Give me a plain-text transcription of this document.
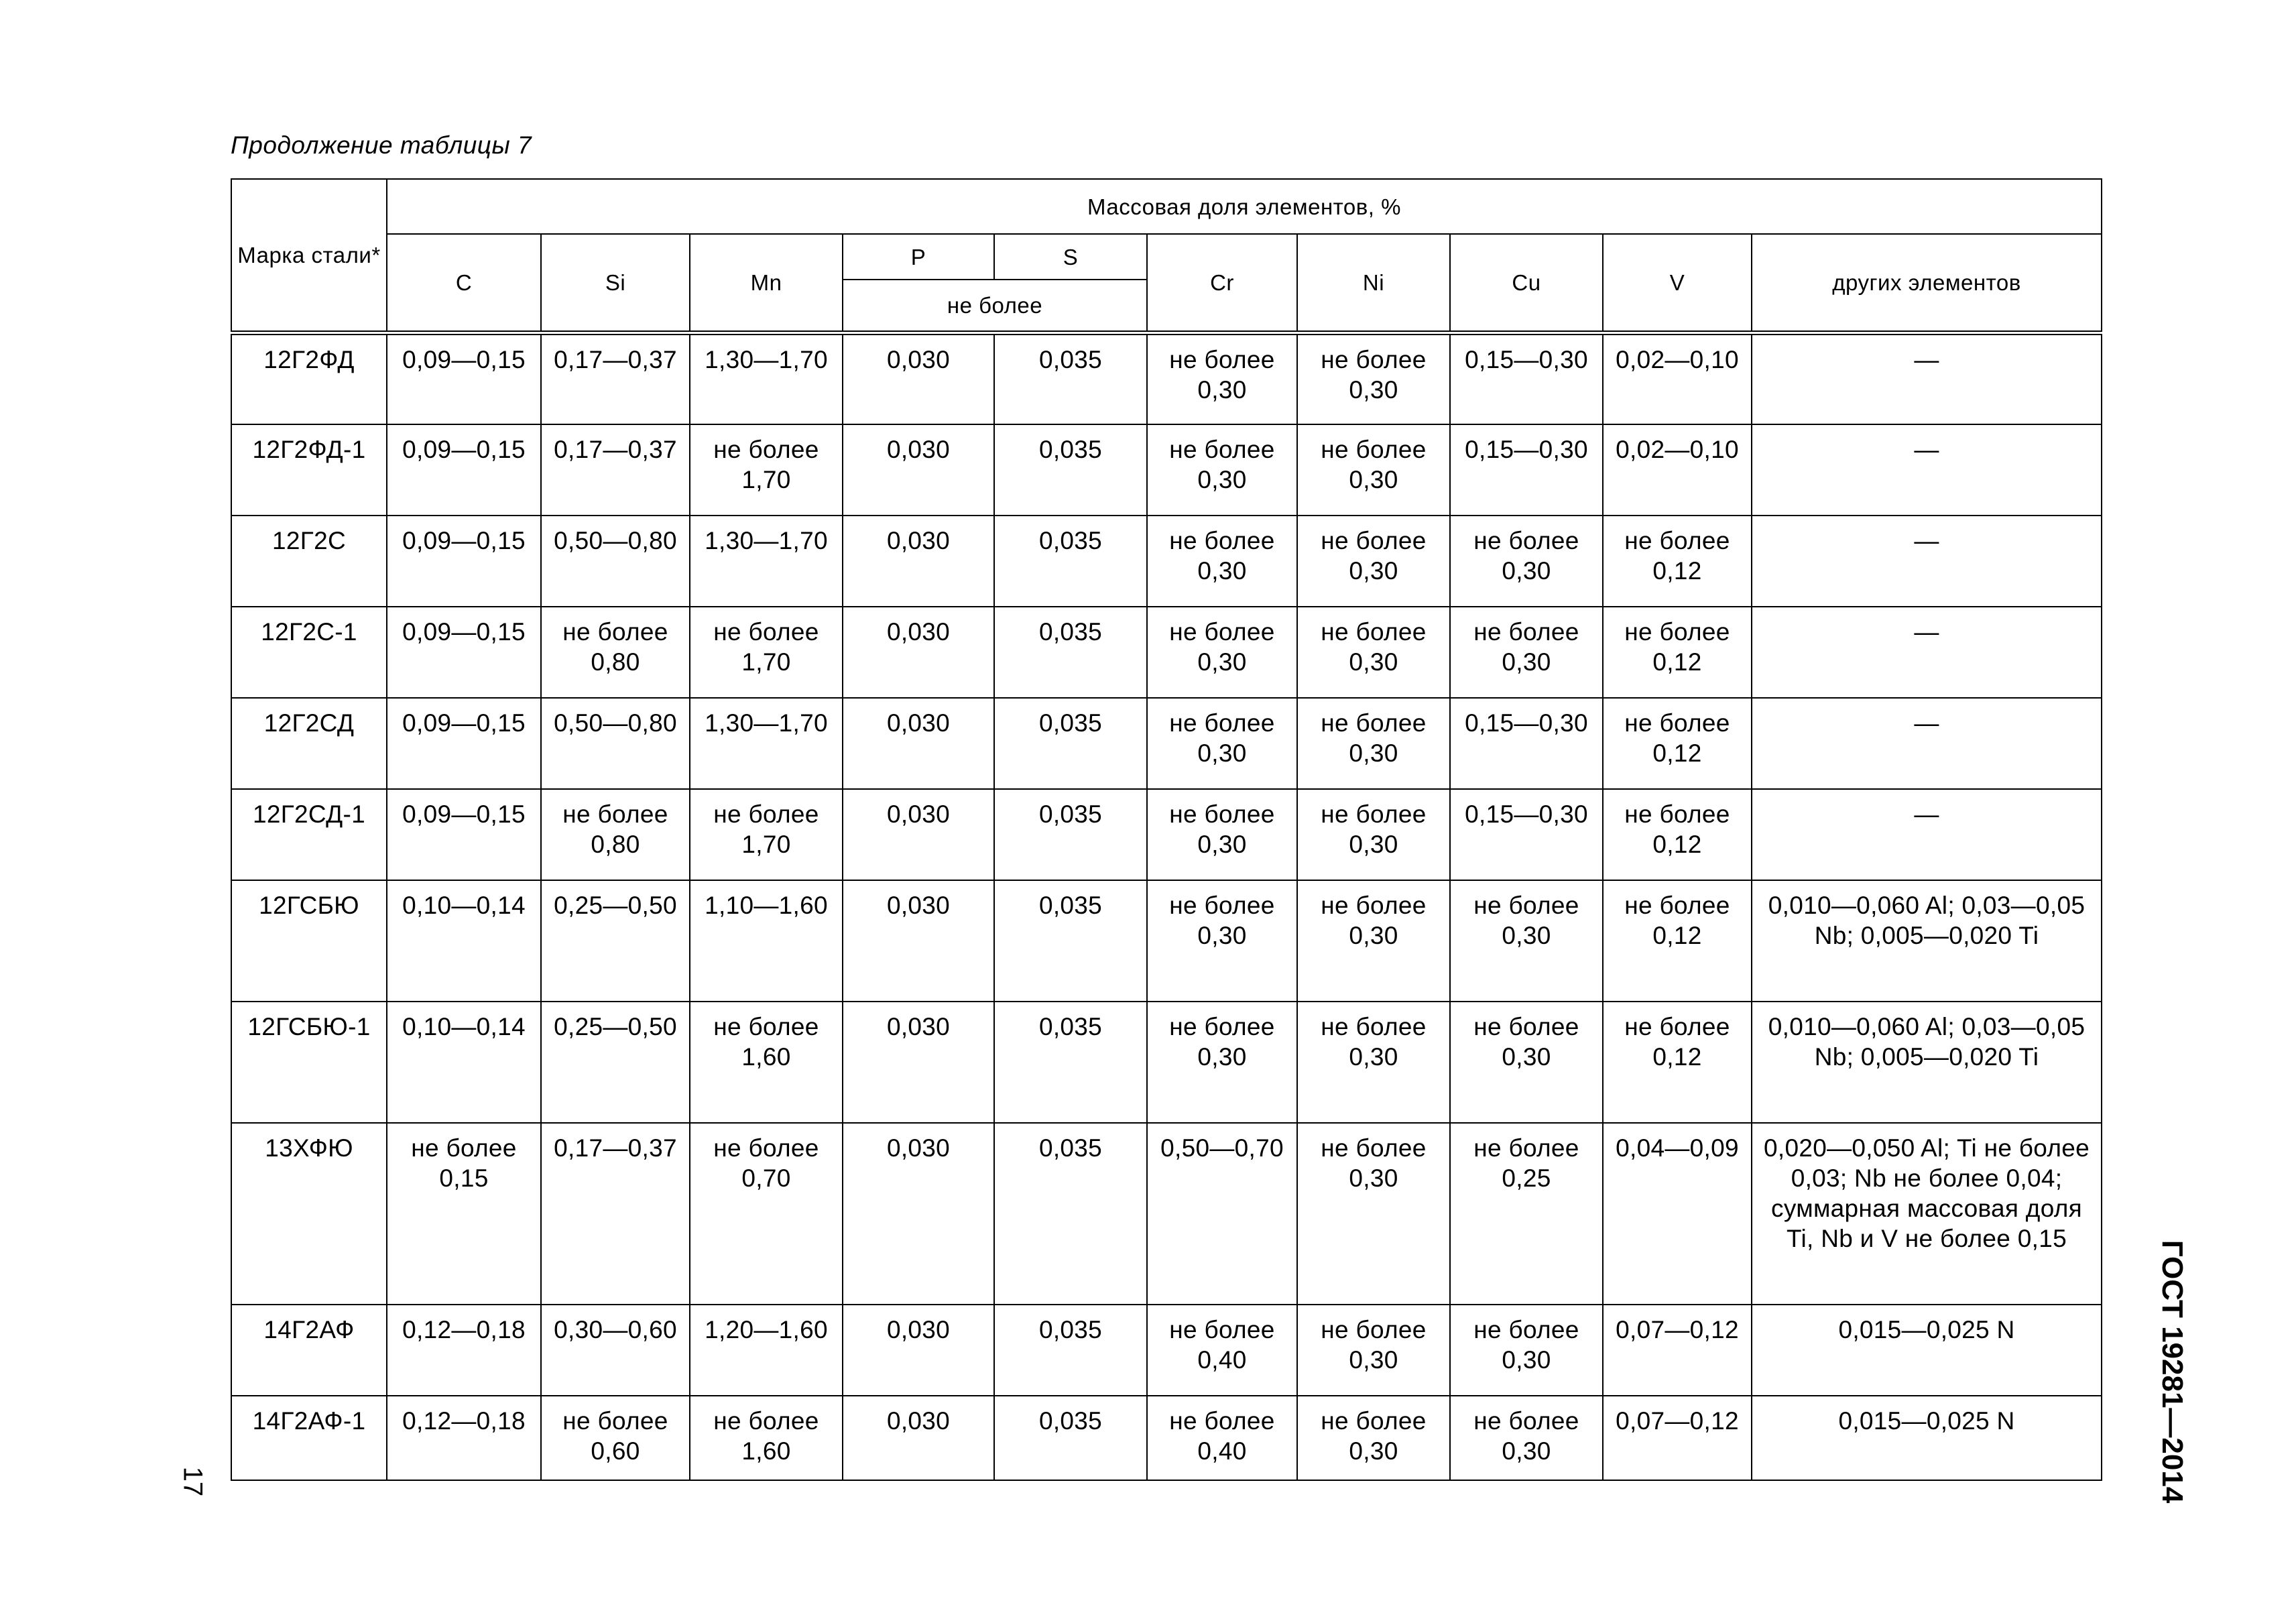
Продолжение таблицы 7
Марка стали*	Массовая доля элементов, %									
	C	Si	Mn	P	S	Cr	Ni	Cu	V	других элементов
				не более						
12Г2ФД	0,09—0,15	0,17—0,37	1,30—1,70	0,030	0,035	не более 0,30	не более 0,30	0,15—0,30	0,02—0,10	—
12Г2ФД-1	0,09—0,15	0,17—0,37	не более 1,70	0,030	0,035	не более 0,30	не более 0,30	0,15—0,30	0,02—0,10	—
12Г2С	0,09—0,15	0,50—0,80	1,30—1,70	0,030	0,035	не более 0,30	не более 0,30	не более 0,30	не более 0,12	—
12Г2С-1	0,09—0,15	не более 0,80	не более 1,70	0,030	0,035	не более 0,30	не более 0,30	не более 0,30	не более 0,12	—
12Г2СД	0,09—0,15	0,50—0,80	1,30—1,70	0,030	0,035	не более 0,30	не более 0,30	0,15—0,30	не более 0,12	—
12Г2СД-1	0,09—0,15	не более 0,80	не более 1,70	0,030	0,035	не более 0,30	не более 0,30	0,15—0,30	не более 0,12	—
12ГСБЮ	0,10—0,14	0,25—0,50	1,10—1,60	0,030	0,035	не более 0,30	не более 0,30	не более 0,30	не более 0,12	0,010—0,060 Al; 0,03—0,05 Nb; 0,005—0,020 Ti
12ГСБЮ-1	0,10—0,14	0,25—0,50	не более 1,60	0,030	0,035	не более 0,30	не более 0,30	не более 0,30	не более 0,12	0,010—0,060 Al; 0,03—0,05 Nb; 0,005—0,020 Ti
13ХФЮ	не более 0,15	0,17—0,37	не более 0,70	0,030	0,035	0,50—0,70	не более 0,30	не более 0,25	0,04—0,09	0,020—0,050 Al; Ti не более 0,03; Nb не более 0,04; суммарная массовая доля Ti, Nb и V не более 0,15
14Г2АФ	0,12—0,18	0,30—0,60	1,20—1,60	0,030	0,035	не более 0,40	не более 0,30	не более 0,30	0,07—0,12	0,015—0,025 N
14Г2АФ-1	0,12—0,18	не более 0,60	не более 1,60	0,030	0,035	не более 0,40	не более 0,30	не более 0,30	0,07—0,12	0,015—0,025 N	ГОСТ 19281—2014
17
